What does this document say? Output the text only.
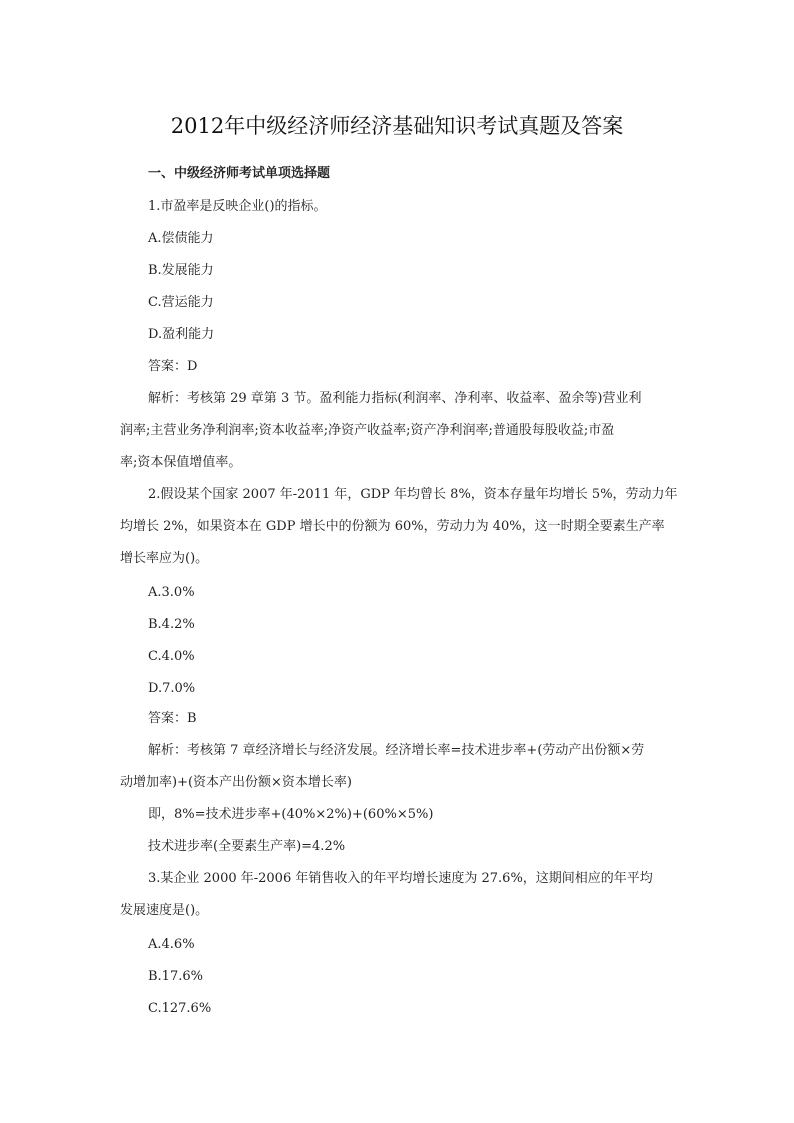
2012年中级经济师经济基础知识考试真题及答案
一、中级经济师考试单项选择题
1.市盈率是反映企业()的指标。
A.偿债能力
B.发展能力
C.营运能力
D.盈利能力
答案：D
解析：考核第 29 章第 3 节。盈利能力指标(利润率、净利率、收益率、盈余等)营业利
润率;主营业务净利润率;资本收益率;净资产收益率;资产净利润率;普通股每股收益;市盈
率;资本保值增值率。
2.假设某个国家 2007 年-2011 年，GDP 年均曾长 8%，资本存量年均增长 5%，劳动力年
均增长 2%，如果资本在 GDP 增长中的份额为 60%，劳动力为 40%，这一时期全要素生产率
增长率应为()。
A.3.0%
B.4.2%
C.4.0%
D.7.0%
答案：B
解析：考核第 7 章经济增长与经济发展。经济增长率=技术进步率+(劳动产出份额×劳
动增加率)+(资本产出份额×资本增长率)
即，8%=技术进步率+(40%×2%)+(60%×5%)
技术进步率(全要素生产率)=4.2%
3.某企业 2000 年-2006 年销售收入的年平均增长速度为 27.6%，这期间相应的年平均
发展速度是()。
A.4.6%
B.17.6%
C.127.6%
